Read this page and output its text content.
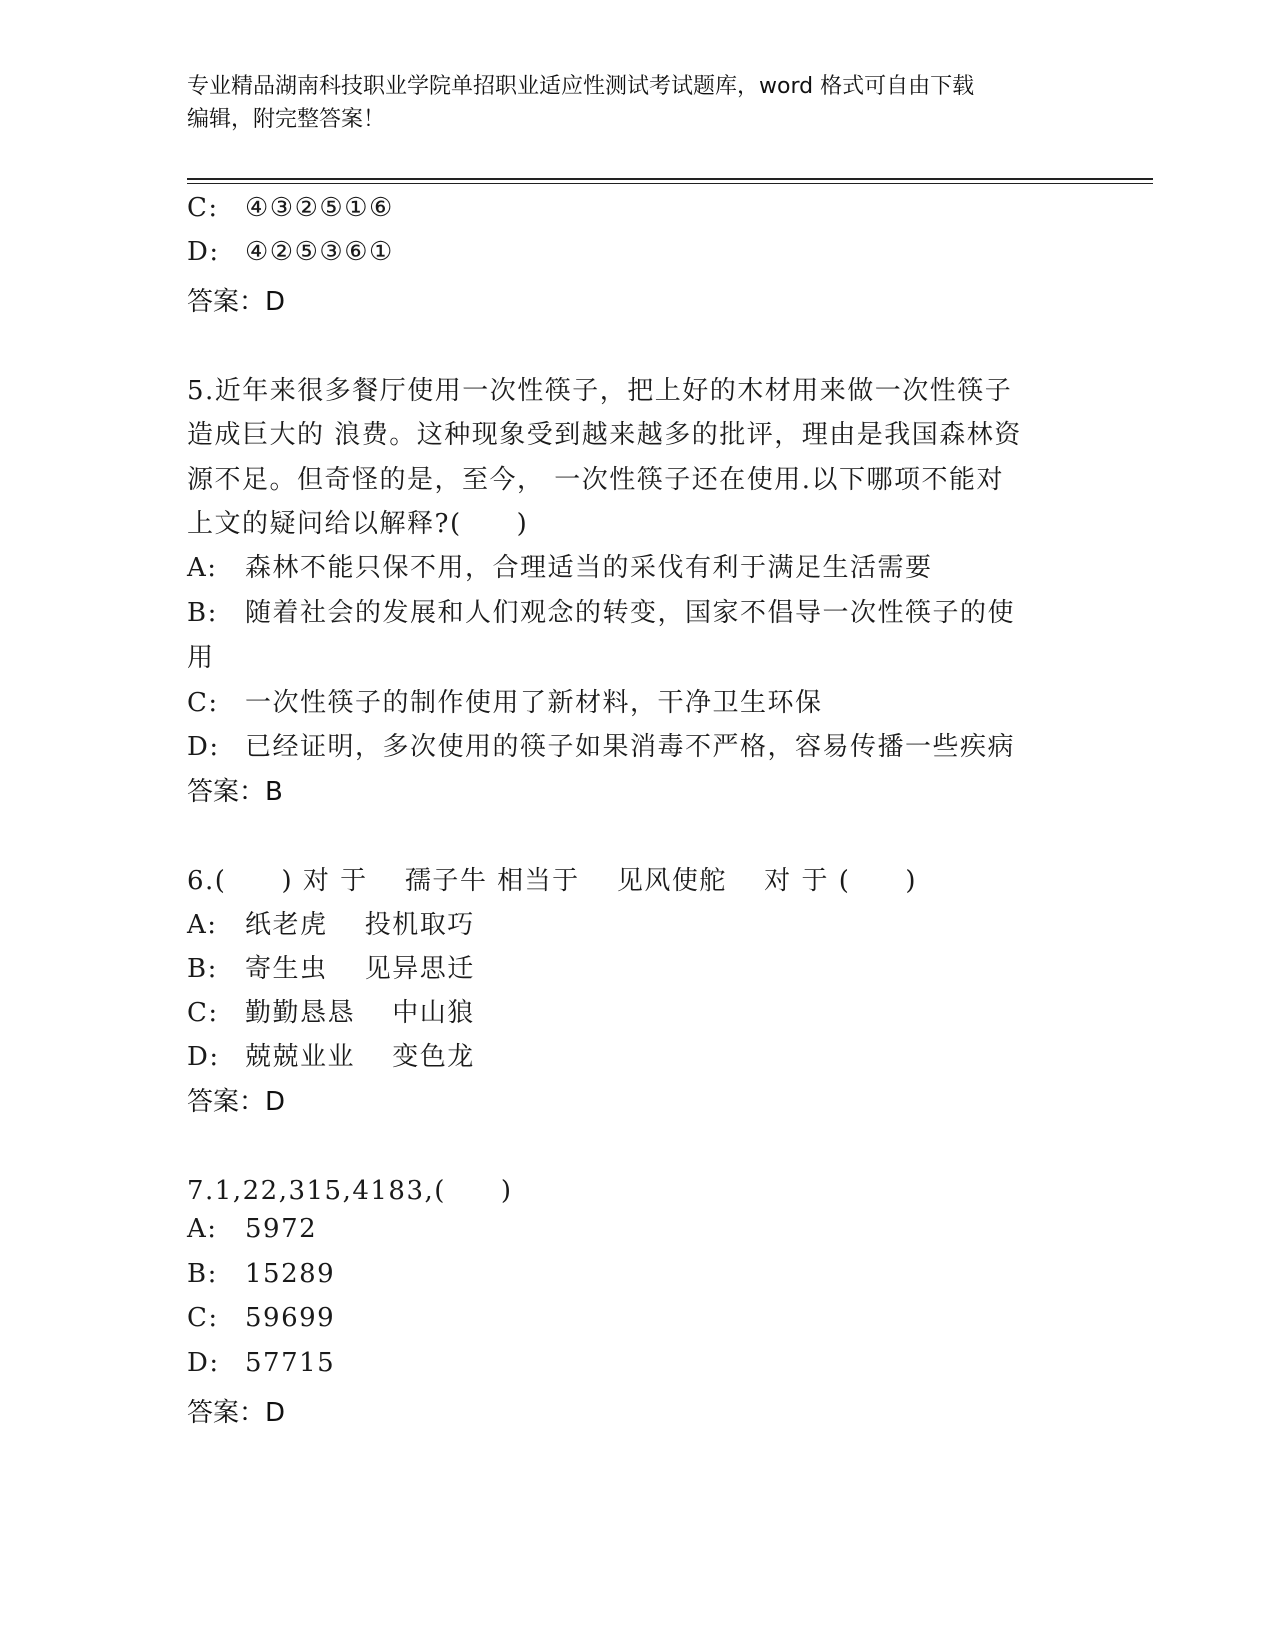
专业精品湖南科技职业学院单招职业适应性测试考试题库，word 格式可自由下载
编辑，附完整答案！
C: ④③②⑤①⑥
D: ④②⑤③⑥①
答案：D
5.近年来很多餐厅使用一次性筷子，把上好的木材用来做一次性筷子
造成巨大的 浪费。这种现象受到越来越多的批评，理由是我国森林资
源不足。但奇怪的是，至今， 一次性筷子还在使用.以下哪项不能对
上文的疑问给以解释?(　　)
A: 森林不能只保不用，合理适当的采伐有利于满足生活需要
B: 随着社会的发展和人们观念的转变，国家不倡导一次性筷子的使
用
C: 一次性筷子的制作使用了新材料，干净卫生环保
D: 已经证明，多次使用的筷子如果消毒不严格，容易传播一些疾病
答案：B
6.(　　) 对 于　 孺子牛 相当于　 见风使舵　 对 于 (　　)
A: 纸老虎　 投机取巧
B: 寄生虫　 见异思迁
C: 勤勤恳恳　 中山狼
D: 兢兢业业　 变色龙
答案：D
7.1,22,315,4183,(　　)
A: 5972
B: 15289
C: 59699
D: 57715
答案：D
